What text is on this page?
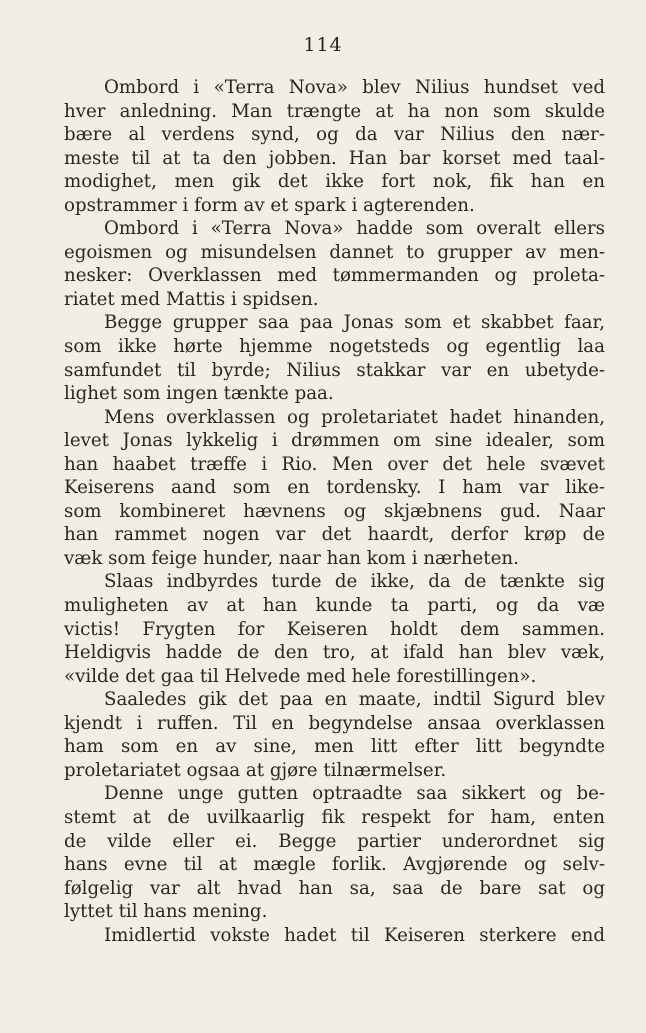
114
Ombord i «Terra Nova» blev Nilius hundset ved
hver anledning. Man trængte at ha non som skulde
bære al verdens synd, og da var Nilius den nær-
meste til at ta den jobben. Han bar korset med taal-
modighet, men gik det ikke fort nok, fik han en
opstrammer i form av et spark i agterenden.
Ombord i «Terra Nova» hadde som overalt ellers
egoismen og misundelsen dannet to grupper av men-
nesker: Overklassen med tømmermanden og proleta-
riatet med Mattis i spidsen.
Begge grupper saa paa Jonas som et skabbet faar,
som ikke hørte hjemme nogetsteds og egentlig laa
samfundet til byrde; Nilius stakkar var en ubetyde-
lighet som ingen tænkte paa.
Mens overklassen og proletariatet hadet hinanden,
levet Jonas lykkelig i drømmen om sine idealer, som
han haabet træffe i Rio. Men over det hele svævet
Keiserens aand som en tordensky. I ham var like-
som kombineret hævnens og skjæbnens gud. Naar
han rammet nogen var det haardt, derfor krøp de
væk som feige hunder, naar han kom i nærheten.
Slaas indbyrdes turde de ikke, da de tænkte sig
muligheten av at han kunde ta parti, og da væ
victis! Frygten for Keiseren holdt dem sammen.
Heldigvis hadde de den tro, at ifald han blev væk,
«vilde det gaa til Helvede med hele forestillingen».
Saaledes gik det paa en maate, indtil Sigurd blev
kjendt i ruffen. Til en begyndelse ansaa overklassen
ham som en av sine, men litt efter litt begyndte
proletariatet ogsaa at gjøre tilnærmelser.
Denne unge gutten optraadte saa sikkert og be-
stemt at de uvilkaarlig fik respekt for ham, enten
de vilde eller ei. Begge partier underordnet sig
hans evne til at mægle forlik. Avgjørende og selv-
følgelig var alt hvad han sa, saa de bare sat og
lyttet til hans mening.
Imidlertid vokste hadet til Keiseren sterkere end
